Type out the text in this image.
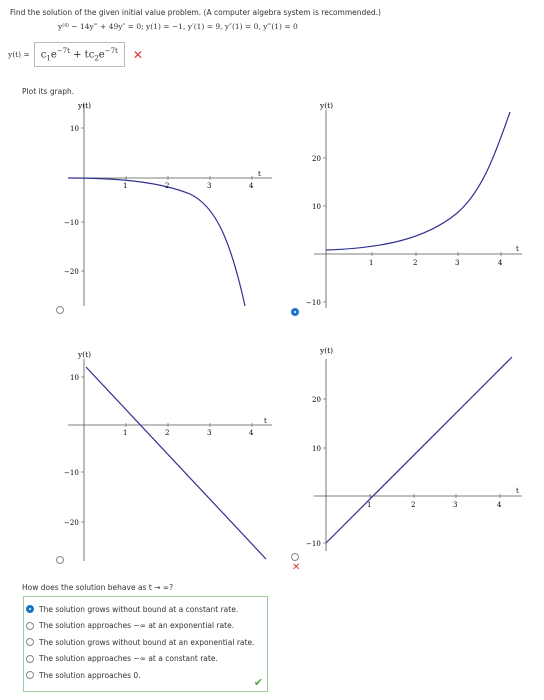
Find the solution of the given initial value problem. (A computer algebra system is recommended.)
y⁽⁴⁾ − 14y‴ + 49y″ = 0; y(1) = −1, y′(1) = 9, y″(1) = 0, y‴(1) = 0
y(t) =	$c_1e^{-7t} + tc_2e^{-7t}$	✕
Plot its graph.
y(t)
t
10
−10
−20
1	2	3	4
y(t)
t
20
10
−10
1	2	3	4
y(t)
t
10
−10
−20
1	2	3	4
y(t)
t
20
10
−10
1	2	3	4
✕
How does the solution behave as t → ∞?
The solution grows without bound at a constant rate.
The solution approaches −∞ at an exponential rate.
The solution grows without bound at an exponential rate.
The solution approaches −∞ at a constant rate.
The solution approaches 0.
✔
